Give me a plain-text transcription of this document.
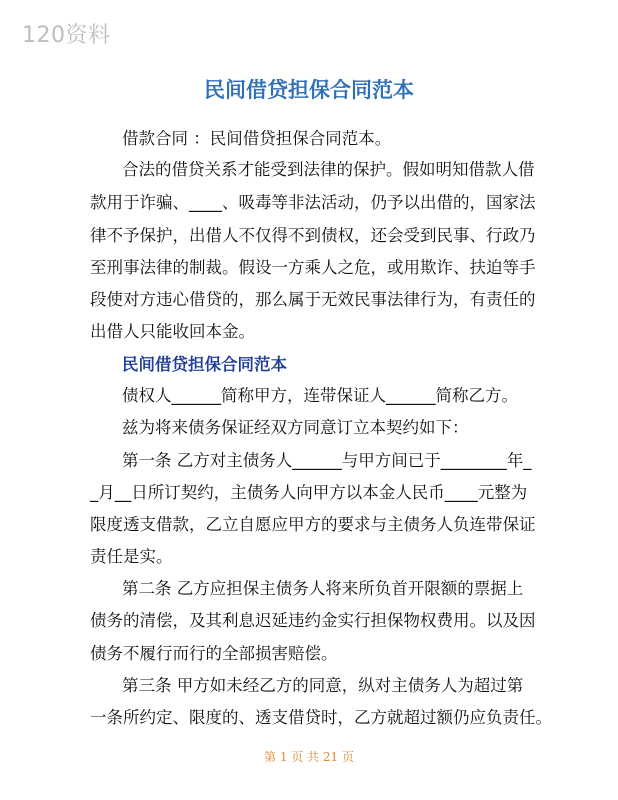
120资料
民间借贷担保合同范本
借款合同 ：民间借贷担保合同范本。
合法的借贷关系才能受到法律的保护。假如明知借款人借
款用于诈骗、____、吸毒等非法活动，仍予以出借的，国家法
律不予保护，出借人不仅得不到债权，还会受到民事、行政乃
至刑事法律的制裁。假设一方乘人之危，或用欺诈、扶迫等手
段使对方违心借贷的，那么属于无效民事法律行为，有责任的
出借人只能收回本金。
民间借贷担保合同范本
债权人______简称甲方，连带保证人______简称乙方。
兹为将来债务保证经双方同意订立本契约如下：
第一条 乙方对主债务人______与甲方间已于________年_
_月__日所订契约，主债务人向甲方以本金人民币____元整为
限度透支借款，乙立自愿应甲方的要求与主债务人负连带保证
责任是实。
第二条 乙方应担保主债务人将来所负首开限额的票据上
债务的清偿，及其利息迟延违约金实行担保物权费用。以及因
债务不履行而行的全部损害赔偿。
第三条 甲方如未经乙方的同意，纵对主债务人为超过第
一条所约定、限度的、透支借贷时，乙方就超过额仍应负责任。
第 1 页 共 21 页
